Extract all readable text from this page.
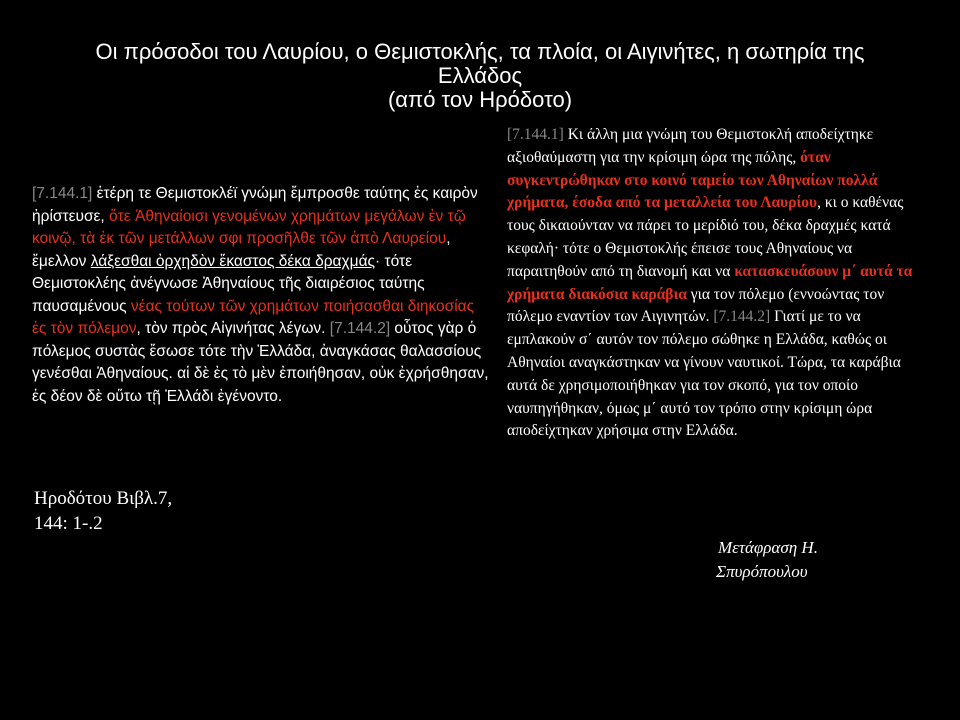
Οι πρόσοδοι του Λαυρίου, ο Θεμιστοκλής, τα πλοία, οι Αιγινήτες, η σωτηρία της
Ελλάδος
(από τον Ηρόδοτο)
[7.144.1] ἑτέρη τε Θεμιστοκλέϊ γνώμη ἔμπροσθε ταύτης ἐς καιρὸν ἠρίστευσε, ὅτε Ἀθηναίοισι γενομένων χρημάτων μεγάλων ἐν τῷ κοινῷ, τὰ ἐκ τῶν μετάλλων σφι προσῆλθε τῶν ἀπὸ Λαυρείου, ἔμελλον λάξεσθαι ὀρχηδὸν ἕκαστος δέκα δραχμάς· τότε Θεμιστοκλέης ἀνέγνωσε Ἀθηναίους τῆς διαιρέσιος ταύτης παυσαμένους νέας τούτων τῶν χρημάτων ποιήσασθαι διηκοσίας ἐς τὸν πόλεμον, τὸν πρὸς Αἰγινήτας λέγων. [7.144.2] οὗτος γὰρ ὁ πόλεμος συστὰς ἔσωσε τότε τὴν Ἑλλάδα, ἀναγκάσας θαλασσίους γενέσθαι Ἀθηναίους. αἱ δὲ ἐς τὸ μὲν ἐποιήθησαν, οὐκ ἐχρήσθησαν, ἐς δέον δὲ οὕτω τῇ Ἑλλάδι ἐγένοντο.
Ηροδότου Βιβλ.7,
144: 1-.2
[7.144.1] Κι άλλη μια γνώμη του Θεμιστοκλή αποδείχτηκε αξιοθαύμαστη για την κρίσιμη ώρα της πόλης, όταν συγκεντρώθηκαν στο κοινό ταμείο των Αθηναίων πολλά χρήματα, έσοδα από τα μεταλλεία του Λαυρίου, κι ο καθένας τους δικαιούνταν να πάρει το μερίδιό του, δέκα δραχμές κατά κεφαλή· τότε ο Θεμιστοκλής έπεισε τους Αθηναίους να παραιτηθούν από τη διανομή και να κατασκευάσουν μ΄ αυτά τα χρήματα διακόσια καράβια για τον πόλεμο (εννοώντας τον πόλεμο εναντίον των Αιγινητών. [7.144.2] Γιατί με το να εμπλακούν σ΄ αυτόν τον πόλεμο σώθηκε η Ελλάδα, καθώς οι Αθηναίοι αναγκάστηκαν να γίνουν ναυτικοί. Τώρα, τα καράβια αυτά δε χρησιμοποιήθηκαν για τον σκοπό, για τον οποίο ναυπηγήθηκαν, όμως μ΄ αυτό τον τρόπο στην κρίσιμη ώρα αποδείχτηκαν χρήσιμα στην Ελλάδα.
Μετάφραση Η.
Σπυρόπουλου
